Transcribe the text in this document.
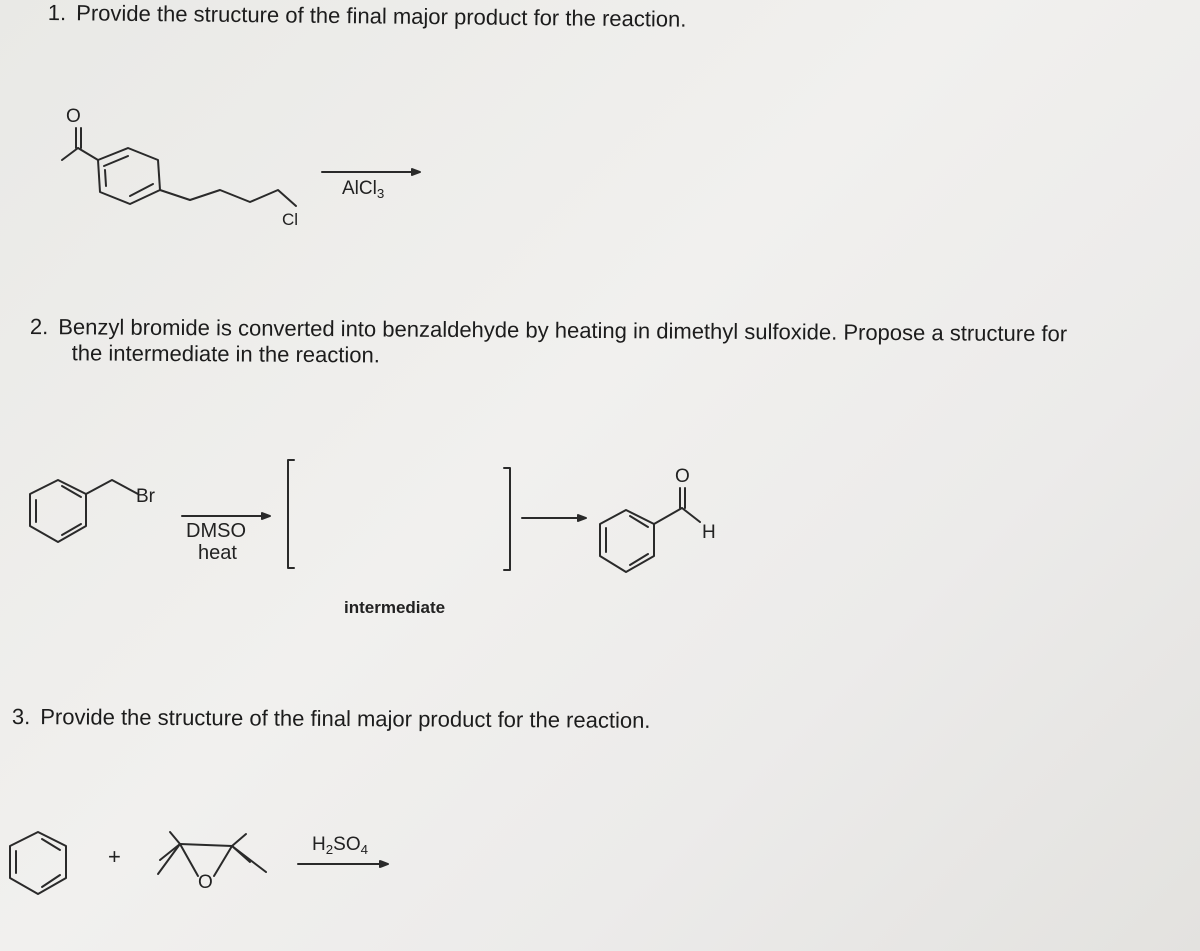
1. Provide the structure of the final major product for the reaction.
2. Benzyl bromide is converted into benzaldehyde by heating in dimethyl sulfoxide. Propose a structure for
the intermediate in the reaction.
3. Provide the structure of the final major product for the reaction.
O
Cl
AlCl$_3$
Br
DMSO
heat
intermediate
O
H
+
O
$H_2SO_4$
